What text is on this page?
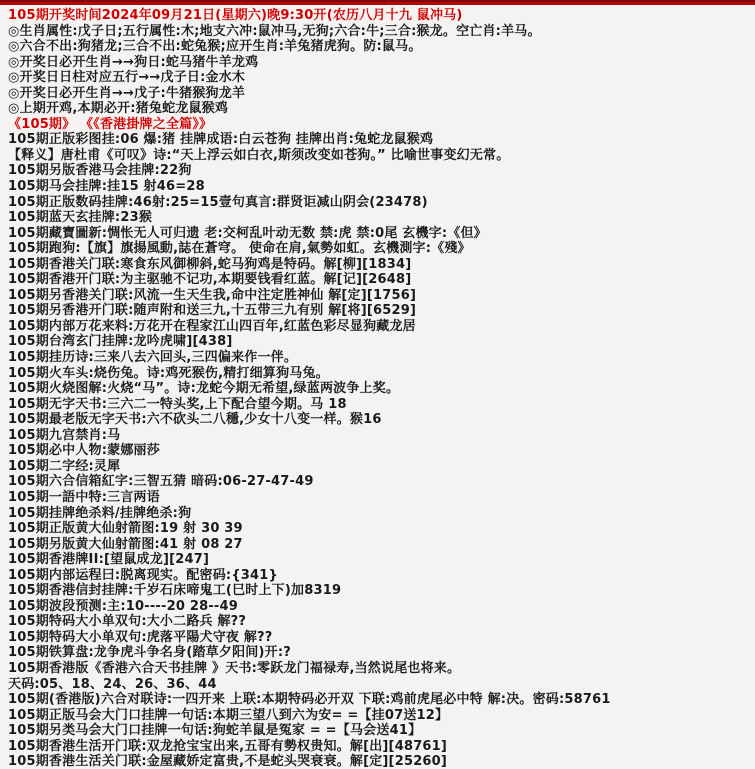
105期开奖时间2024年09月21日(星期六)晚9:30开(农历八月十九 鼠冲马)
◎生肖属性:戊子日;五行属性:木;地支六冲:鼠冲马,无狗;六合:牛;三合:猴龙。空亡肖:羊马。
◎六合不出:狗猪龙;三合不出:蛇兔猴;应开生肖:羊兔猪虎狗。防:鼠马。
◎开奖日必开生肖→→狗日:蛇马猪牛羊龙鸡
◎开奖日日柱对应五行→→戊子日:金水木
◎开奖日必开生肖→→戊子:牛猪猴狗龙羊
◎上期开鸡,本期必开:猪兔蛇龙鼠猴鸡
《105期》 《《香港掛牌之全篇》》
105期正版彩图挂:06 爆:猪 挂牌成语:白云苍狗 挂牌出肖:兔蛇龙鼠猴鸡
【释义】唐杜甫《可叹》诗:“天上浮云如白衣,斯须改变如苍狗。” 比喻世事变幻无常。
105期另版香港马会挂牌:22狗
105期马会挂牌:挂15 射46=28
105期正版数码挂牌:46射:25=15壹句真言:群贤讵减山阴会(23478)
105期蓝天玄挂牌:23猴
105期藏寶圖新:惆怅无人可归遗 老:交柯乱叶动无数 禁:虎 禁:0尾 玄機字:《但》
105期跑狗:【旗】旗揚風動,誌在蒼穹。 使命在肩,氣勢如虹。玄機測字:《殘》
105期香港关门联:寒食东风御柳斜,蛇马狗鸡是特码。解[柳][1834]
105期香港开门联:为主驱驰不记功,本期要钱看红蓝。解[记][2648]
105期另香港关门联:风流一生天生我,命中注定胜神仙 解[定][1756]
105期另香港开门联:随声附和送三九,十五带三九有别 解[将][6529]
105期内部万花来料:万花开在程家江山四百年,红蓝色彩尽显狗藏龙居
105期台湾玄门挂牌:龙吟虎啸][438]
105期挂历诗:三来八去六回头,三四偏来作一伴。
105期火车头:烧伤兔。诗:鸡死猴伤,精打细算狗马兔。
105期火烧图解:火烧“马”。诗:龙蛇今期无希望,绿蓝两波争上奖。
105期无字天书:三六二一特头奖,上下配合望今期。马 18
105期最老版无字天书:六不砍头二八穩,少女十八变一样。猴16
105期九宫禁肖:马
105期必中人物:蒙娜丽莎
105期二字经:灵犀
105期六合信箱紅字:三智五猜 暗码:06-27-47-49
105期一語中特:三言两语
105期挂牌绝杀料/挂牌绝杀:狗
105期正版黄大仙射箭图:19 射 30 39
105期另版黄大仙射箭图:41 射 08 27
105期香港牌II:[望鼠成龙][247]
105期内部运程曰:脱离现实。配密码:{341}
105期香港信封挂牌:千岁石床啼鬼工(巳时上下)加8319
105期波段预测:主:10----20 28--49
105期特码大小单双句:大小二路兵 解??
105期特码大小单双句:虎落平陽犬守夜 解??
105期铁算盘:龙争虎斗争名身(踏草夕阳间)开:?
105期香港版《香港六合天书挂牌 》天书:零跃龙门福禄寿,当然说尾也将来。
天码:05、18、24、26、36、44
105期(香港版)六合对联诗:一四开来 上联:本期特码必开双 下联:鸡前虎尾必中特 解:决。密码:58761
105期正版马会大门口挂牌一句话:本期三望八到六为安= =【挂07送12】
105期另类马会大门口挂牌一句话:狗蛇羊鼠是冤家 = =【马会送41】
105期香港生活开门联:双龙抢宝宝出来,五哥有勢权贵知。解[出][48761]
105期香港生活关门联:金屋藏娇定富贵,不是蛇头哭衰衰。解[定][25260]
